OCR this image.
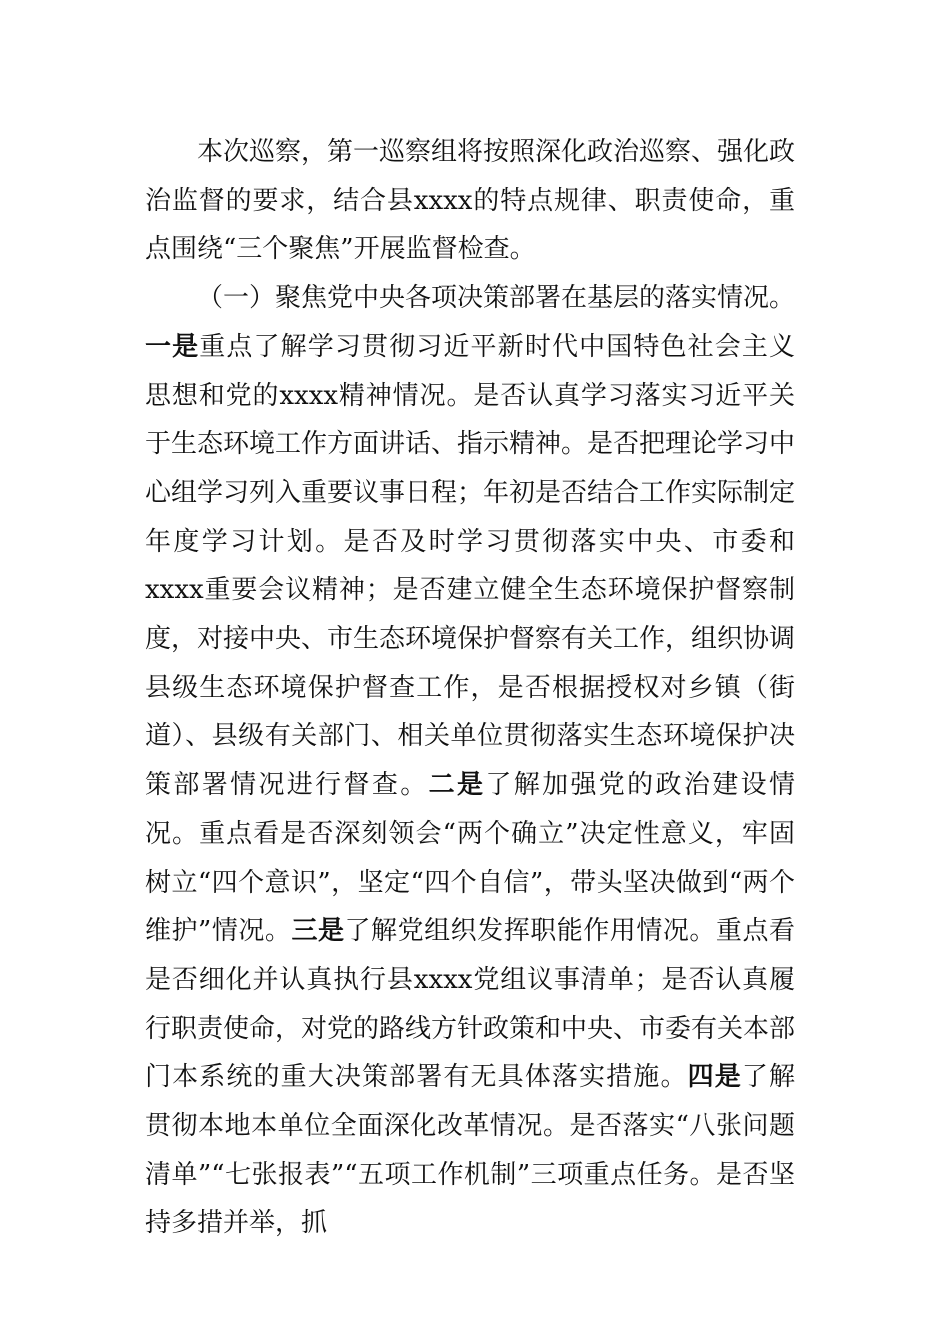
本次巡察，第一巡察组将按照深化政治巡察、强化政治监督的要求，结合县xxxx的特点规律、职责使命，重点围绕“三个聚焦”开展监督检查。

（一）聚焦党中央各项决策部署在基层的落实情况。一是重点了解学习贯彻习近平新时代中国特色社会主义思想和党的xxxx精神情况。是否认真学习落实习近平关于生态环境工作方面讲话、指示精神。是否把理论学习中心组学习列入重要议事日程；年初是否结合工作实际制定年度学习计划。是否及时学习贯彻落实中央、市委和xxxx重要会议精神；是否建立健全生态环境保护督察制度，对接中央、市生态环境保护督察有关工作，组织协调县级生态环境保护督查工作，是否根据授权对乡镇（街道）、县级有关部门、相关单位贯彻落实生态环境保护决策部署情况进行督查。二是了解加强党的政治建设情况。重点看是否深刻领会“两个确立”决定性意义，牢固树立“四个意识”，坚定“四个自信”，带头坚决做到“两个维护”情况。三是了解党组织发挥职能作用情况。重点看是否细化并认真执行县xxxx党组议事清单；是否认真履行职责使命，对党的路线方针政策和中央、市委有关本部门本系统的重大决策部署有无具体落实措施。四是了解贯彻本地本单位全面深化改革情况。是否落实“八张问题清单”“七张报表”“五项工作机制”三项重点任务。是否坚持多措并举，抓
